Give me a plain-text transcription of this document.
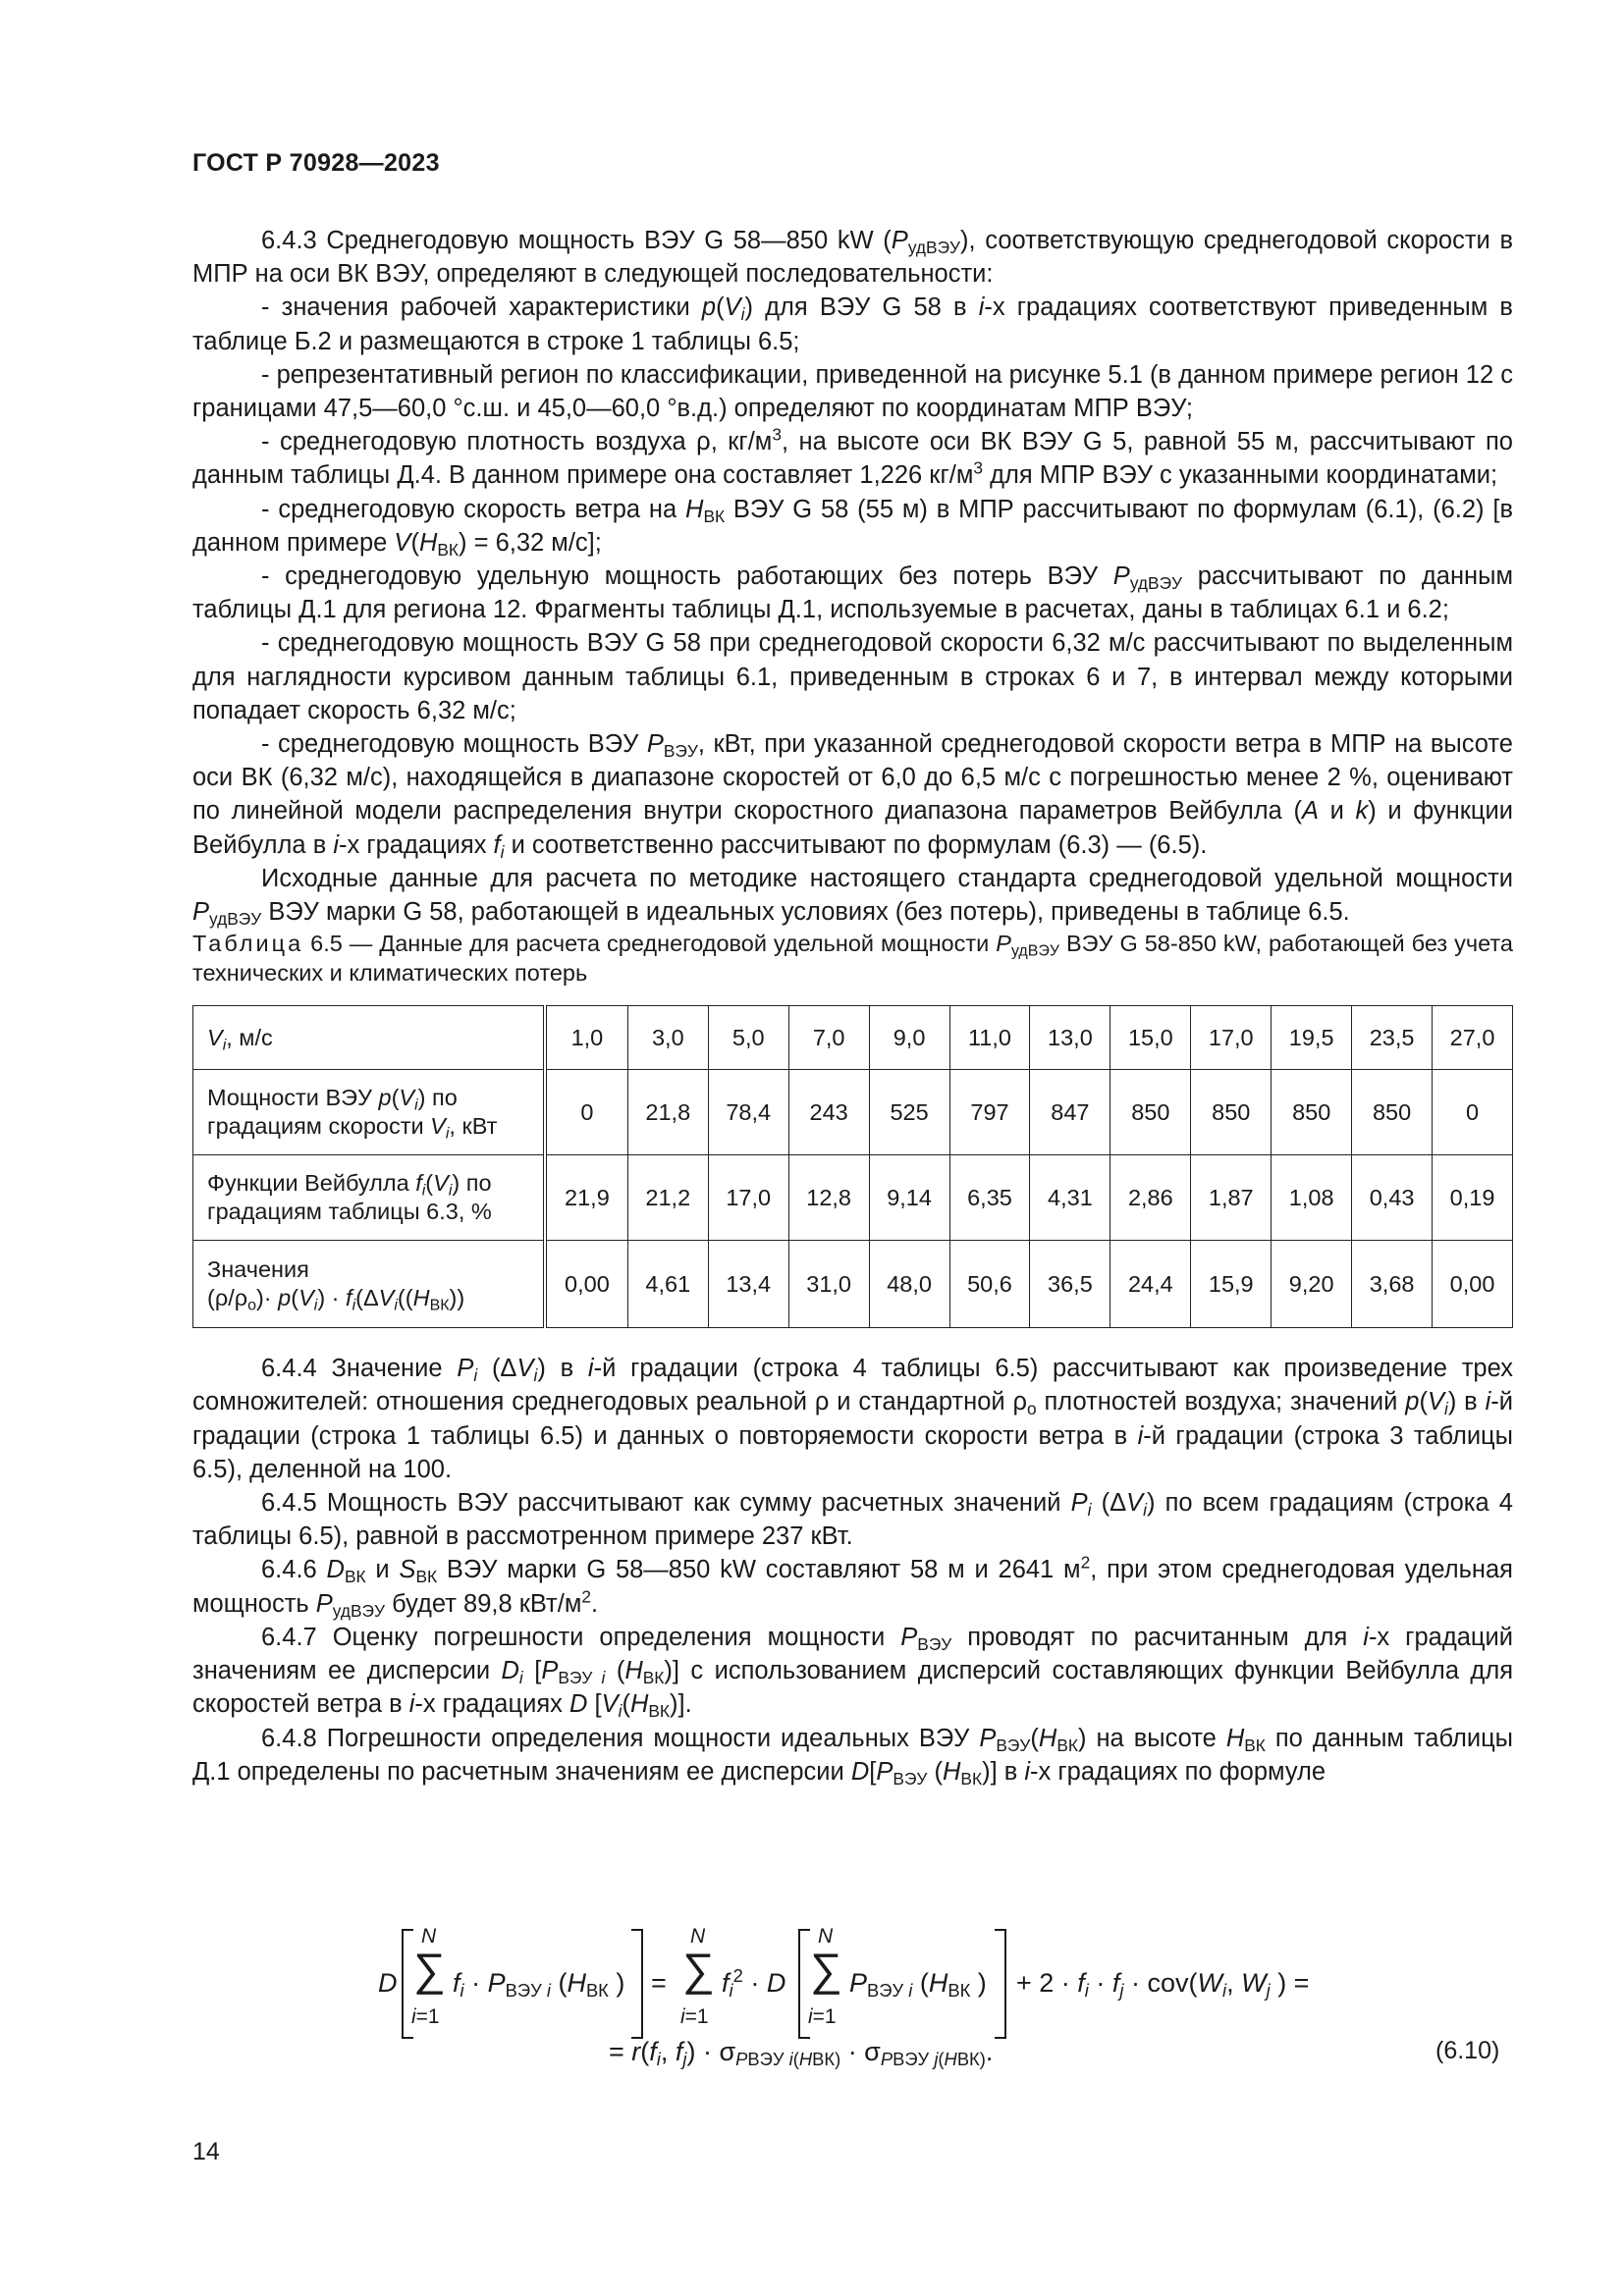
ГОСТ Р 70928—2023

6.4.3 Среднегодовую мощность ВЭУ G 58—850 kW $(P_{удВЭУ})$, соответствующую среднегодовой скорости в МПР на оси ВК ВЭУ, определяют в следующей последовательности:

- значения рабочей характеристики $p(V_i)$ для ВЭУ G 58 в i-х градациях соответствуют приведенным в таблице Б.2 и размещаются в строке 1 таблицы 6.5;

- репрезентативный регион по классификации, приведенной на рисунке 5.1 (в данном примере регион 12 с границами 47,5—60,0 °с.ш. и 45,0—60,0 °в.д.) определяют по координатам МПР ВЭУ;

- среднегодовую плотность воздуха ρ, $кг/м^3$, на высоте оси ВК ВЭУ G 5, равной 55 м, рассчитывают по данным таблицы Д.4. В данном примере она составляет 1,226 $кг/м^3$ для МПР ВЭУ с указанными координатами;

- среднегодовую скорость ветра на $H_{ВК}$ ВЭУ G 58 (55 м) в МПР рассчитывают по формулам (6.1), (6.2) [в данном примере $V(H_{ВК}) = 6,32$ м/с];

- среднегодовую удельную мощность работающих без потерь ВЭУ $P_{удВЭУ}$ рассчитывают по данным таблицы Д.1 для региона 12. Фрагменты таблицы Д.1, используемые в расчетах, даны в таблицах 6.1 и 6.2;

- среднегодовую мощность ВЭУ G 58 при среднегодовой скорости 6,32 м/с рассчитывают по выделенным для наглядности курсивом данным таблицы 6.1, приведенным в строках 6 и 7, в интервал между которыми попадает скорость 6,32 м/с;

- среднегодовую мощность ВЭУ $P_{ВЭУ}$, кВт, при указанной среднегодовой скорости ветра в МПР на высоте оси ВК (6,32 м/с), находящейся в диапазоне скоростей от 6,0 до 6,5 м/с с погрешностью менее 2 %, оценивают по линейной модели распределения внутри скоростного диапазона параметров Вейбулла (A и k) и функции Вейбулла в i-х градациях $f_i$ и соответственно рассчитывают по формулам (6.3) — (6.5).

Исходные данные для расчета по методике настоящего стандарта среднегодовой удельной мощности $P_{удВЭУ}$ ВЭУ марки G 58, работающей в идеальных условиях (без потерь), приведены в таблице 6.5.

Таблица 6.5 — Данные для расчета среднегодовой удельной мощности $P_{удВЭУ}$ ВЭУ G 58-850 kW, работающей без учета технических и климатических потерь

$V_i$, м/с	1,0	3,0	5,0	7,0	9,0	11,0	13,0	15,0	17,0	19,5	23,5	27,0
Мощности ВЭУ $p(V_i)$ по градациям скорости $V_i$, кВт	0	21,8	78,4	243	525	797	847	850	850	850	850	0
Функции Вейбулла $f_i(V_i)$ по градациям таблицы 6.3, %	21,9	21,2	17,0	12,8	9,14	6,35	4,31	2,86	1,87	1,08	0,43	0,19
Значения
$(\rho/\rho_o)\cdot p(V_i) \cdot f_i(\Delta V_i((H_{ВК}))$	0,00	4,61	13,4	31,0	48,0	50,6	36,5	24,4	15,9	9,20	3,68	0,00

6.4.4 Значение $P_i$ $(\Delta V_i)$ в i-й градации (строка 4 таблицы 6.5) рассчитывают как произведение трех сомножителей: отношения среднегодовых реальной ρ и стандартной $\rho_o$ плотностей воздуха; значений $p(V_i)$ в i-й градации (строка 1 таблицы 6.5) и данных о повторяемости скорости ветра в i-й градации (строка 3 таблицы 6.5), деленной на 100.

6.4.5 Мощность ВЭУ рассчитывают как сумму расчетных значений $P_i$ $(\Delta V_i)$ по всем градациям (строка 4 таблицы 6.5), равной в рассмотренном примере 237 кВт.

6.4.6 $D_{ВК}$ и $S_{ВК}$ ВЭУ марки G 58—850 kW составляют 58 м и 2641 $м^2$, при этом среднегодовая удельная мощность $P_{удВЭУ}$ будет 89,8 кВт/$м^2$.

6.4.7 Оценку погрешности определения мощности $P_{ВЭУ}$ проводят по расчитанным для i-х градаций значениям ее дисперсии $D_i$ [$P_{ВЭУ i}$ $(H_{ВК})$] с использованием дисперсий составляющих функции Вейбулла для скоростей ветра в i-х градациях D $[V_i(H_{ВК})]$.

6.4.8 Погрешности определения мощности идеальных ВЭУ $P_{ВЭУ}(H_{ВК})$ на высоте $H_{ВК}$ по данным таблицы Д.1 определены по расчетным значениям ее дисперсии $D[P_{ВЭУ}$ $(H_{ВК})$] в i-х градациях по формуле

D
N
∑
i=1
$f_i \cdot P_{ВЭУ i}$ ($H_{ВК}$ ) =
N
∑
i=1
$f_i^2 \cdot D$
N
∑
i=1
$P_{ВЭУ i}$ ($H_{ВК}$ ) + $2 \cdot f_i \cdot f_j \cdot cov(W_i$, $W_j$ ) =
= $r(f_i$, $f_j) \cdot \sigma_{PВЭУ i(HВК)} \cdot \sigma_{PВЭУ j(HВК)}$.	(6.10)
14
